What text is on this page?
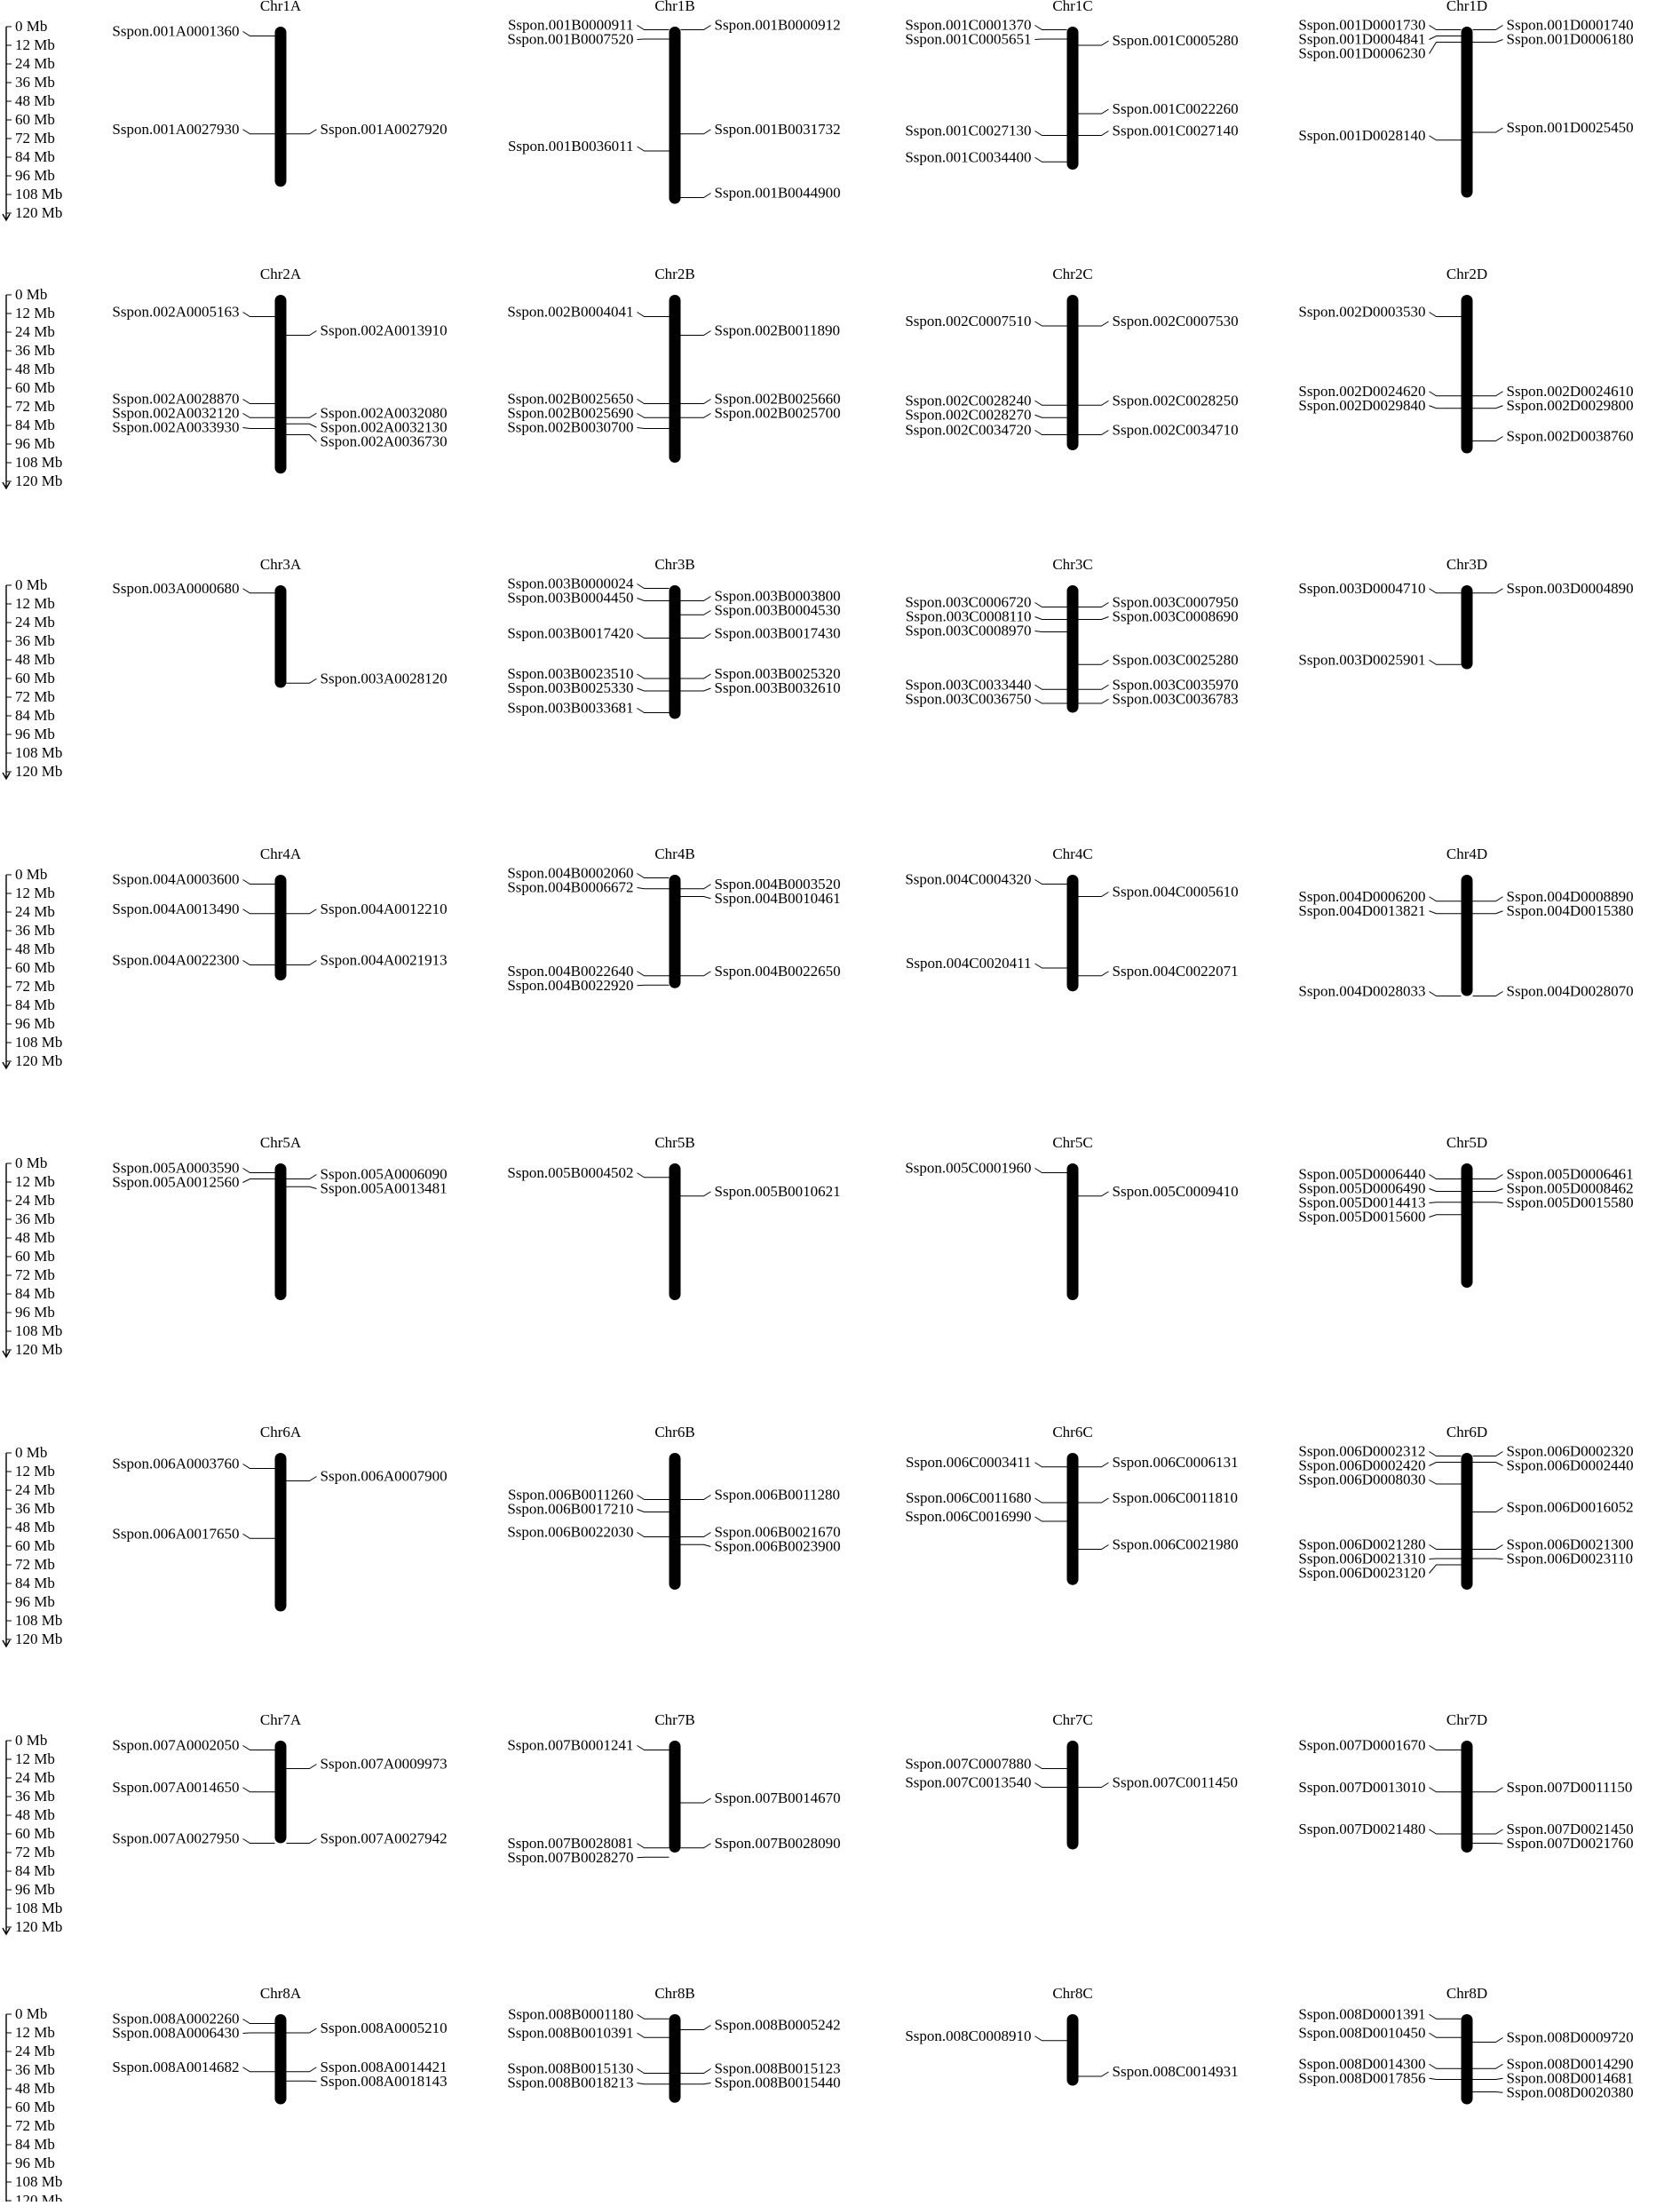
0 Mb
12 Mb
24 Mb
36 Mb
48 Mb
60 Mb
72 Mb
84 Mb
96 Mb
108 Mb
120 Mb
Chr1A
Sspon.001A0001360
Sspon.001A0027930	Sspon.001A0027920
Chr1B
Sspon.001B0000911
Sspon.001B0007520
Sspon.001B0036011
Sspon.001B0000912
Sspon.001B0031732
Sspon.001B0044900
Chr1C
Sspon.001C0001370
Sspon.001C0005651
Sspon.001C0027130
Sspon.001C0034400
Sspon.001C0005280
Sspon.001C0022260
Sspon.001C0027140
Chr1D
Sspon.001D0001730
Sspon.001D0004841
Sspon.001D0006230
Sspon.001D0028140
Sspon.001D0001740
Sspon.001D0006180
Sspon.001D0025450
0 Mb
12 Mb
24 Mb
36 Mb
48 Mb
60 Mb
72 Mb
84 Mb
96 Mb
108 Mb
120 Mb
Chr2A
Sspon.002A0005163
Sspon.002A0028870
Sspon.002A0032120
Sspon.002A0033930
Sspon.002A0013910
Sspon.002A0032080
Sspon.002A0032130
Sspon.002A0036730
Chr2B
Sspon.002B0004041
Sspon.002B0025650
Sspon.002B0025690
Sspon.002B0030700
Sspon.002B0011890
Sspon.002B0025660
Sspon.002B0025700
Chr2C
Sspon.002C0007510
Sspon.002C0028240
Sspon.002C0028270
Sspon.002C0034720
Sspon.002C0007530
Sspon.002C0028250
Sspon.002C0034710
Chr2D
Sspon.002D0003530
Sspon.002D0024620
Sspon.002D0029840
Sspon.002D0024610
Sspon.002D0029800
Sspon.002D0038760
0 Mb
12 Mb
24 Mb
36 Mb
48 Mb
60 Mb
72 Mb
84 Mb
96 Mb
108 Mb
120 Mb
Chr3A
Sspon.003A0000680
Sspon.003A0028120
Chr3B
Sspon.003B0000024
Sspon.003B0004450
Sspon.003B0017420
Sspon.003B0023510
Sspon.003B0025330
Sspon.003B0033681
Sspon.003B0003800
Sspon.003B0004530
Sspon.003B0017430
Sspon.003B0025320
Sspon.003B0032610
Chr3C
Sspon.003C0006720
Sspon.003C0008110
Sspon.003C0008970
Sspon.003C0033440
Sspon.003C0036750
Sspon.003C0007950
Sspon.003C0008690
Sspon.003C0025280
Sspon.003C0035970
Sspon.003C0036783
Chr3D
Sspon.003D0004710
Sspon.003D0025901
Sspon.003D0004890
0 Mb
12 Mb
24 Mb
36 Mb
48 Mb
60 Mb
72 Mb
84 Mb
96 Mb
108 Mb
120 Mb
Chr4A
Sspon.004A0003600
Sspon.004A0013490
Sspon.004A0022300
Sspon.004A0012210
Sspon.004A0021913
Chr4B
Sspon.004B0002060
Sspon.004B0006672
Sspon.004B0022640
Sspon.004B0022920
Sspon.004B0003520
Sspon.004B0010461
Sspon.004B0022650
Chr4C
Sspon.004C0004320
Sspon.004C0020411
Sspon.004C0005610
Sspon.004C0022071
Chr4D
Sspon.004D0006200
Sspon.004D0013821
Sspon.004D0028033
Sspon.004D0008890
Sspon.004D0015380
Sspon.004D0028070
0 Mb
12 Mb
24 Mb
36 Mb
48 Mb
60 Mb
72 Mb
84 Mb
96 Mb
108 Mb
120 Mb
Chr5A
Sspon.005A0003590
Sspon.005A0012560	Sspon.005A0006090
Sspon.005A0013481
Chr5B
Sspon.005B0004502
Sspon.005B0010621
Chr5C
Sspon.005C0001960
Sspon.005C0009410
Chr5D
Sspon.005D0006440
Sspon.005D0006490
Sspon.005D0014413
Sspon.005D0015600
Sspon.005D0006461
Sspon.005D0008462
Sspon.005D0015580
0 Mb
12 Mb
24 Mb
36 Mb
48 Mb
60 Mb
72 Mb
84 Mb
96 Mb
108 Mb
120 Mb
Chr6A
Sspon.006A0003760
Sspon.006A0017650
Sspon.006A0007900
Chr6B
Sspon.006B0011260
Sspon.006B0017210
Sspon.006B0022030
Sspon.006B0011280
Sspon.006B0021670
Sspon.006B0023900
Chr6C
Sspon.006C0003411
Sspon.006C0011680
Sspon.006C0016990
Sspon.006C0006131
Sspon.006C0011810
Sspon.006C0021980
Chr6D
Sspon.006D0002312
Sspon.006D0002420
Sspon.006D0008030
Sspon.006D0021280
Sspon.006D0021310
Sspon.006D0023120
Sspon.006D0002320
Sspon.006D0002440
Sspon.006D0016052
Sspon.006D0021300
Sspon.006D0023110
0 Mb
12 Mb
24 Mb
36 Mb
48 Mb
60 Mb
72 Mb
84 Mb
96 Mb
108 Mb
120 Mb
Chr7A
Sspon.007A0002050
Sspon.007A0014650
Sspon.007A0027950
Sspon.007A0009973
Sspon.007A0027942
Chr7B
Sspon.007B0001241
Sspon.007B0028081
Sspon.007B0028270
Sspon.007B0014670
Sspon.007B0028090
Chr7C
Sspon.007C0007880
Sspon.007C0013540	Sspon.007C0011450
Chr7D
Sspon.007D0001670
Sspon.007D0013010
Sspon.007D0021480
Sspon.007D0011150
Sspon.007D0021450
Sspon.007D0021760
0 Mb
12 Mb
24 Mb
36 Mb
48 Mb
60 Mb
72 Mb
84 Mb
96 Mb
108 Mb
120 Mb
Chr8A
Sspon.008A0002260
Sspon.008A0006430
Sspon.008A0014682
Sspon.008A0005210
Sspon.008A0014421
Sspon.008A0018143
Chr8B
Sspon.008B0001180
Sspon.008B0010391
Sspon.008B0015130
Sspon.008B0018213
Sspon.008B0005242
Sspon.008B0015123
Sspon.008B0015440
Chr8C
Sspon.008C0008910
Sspon.008C0014931
Chr8D
Sspon.008D0001391
Sspon.008D0010450
Sspon.008D0014300
Sspon.008D0017856
Sspon.008D0009720
Sspon.008D0014290
Sspon.008D0014681
Sspon.008D0020380
